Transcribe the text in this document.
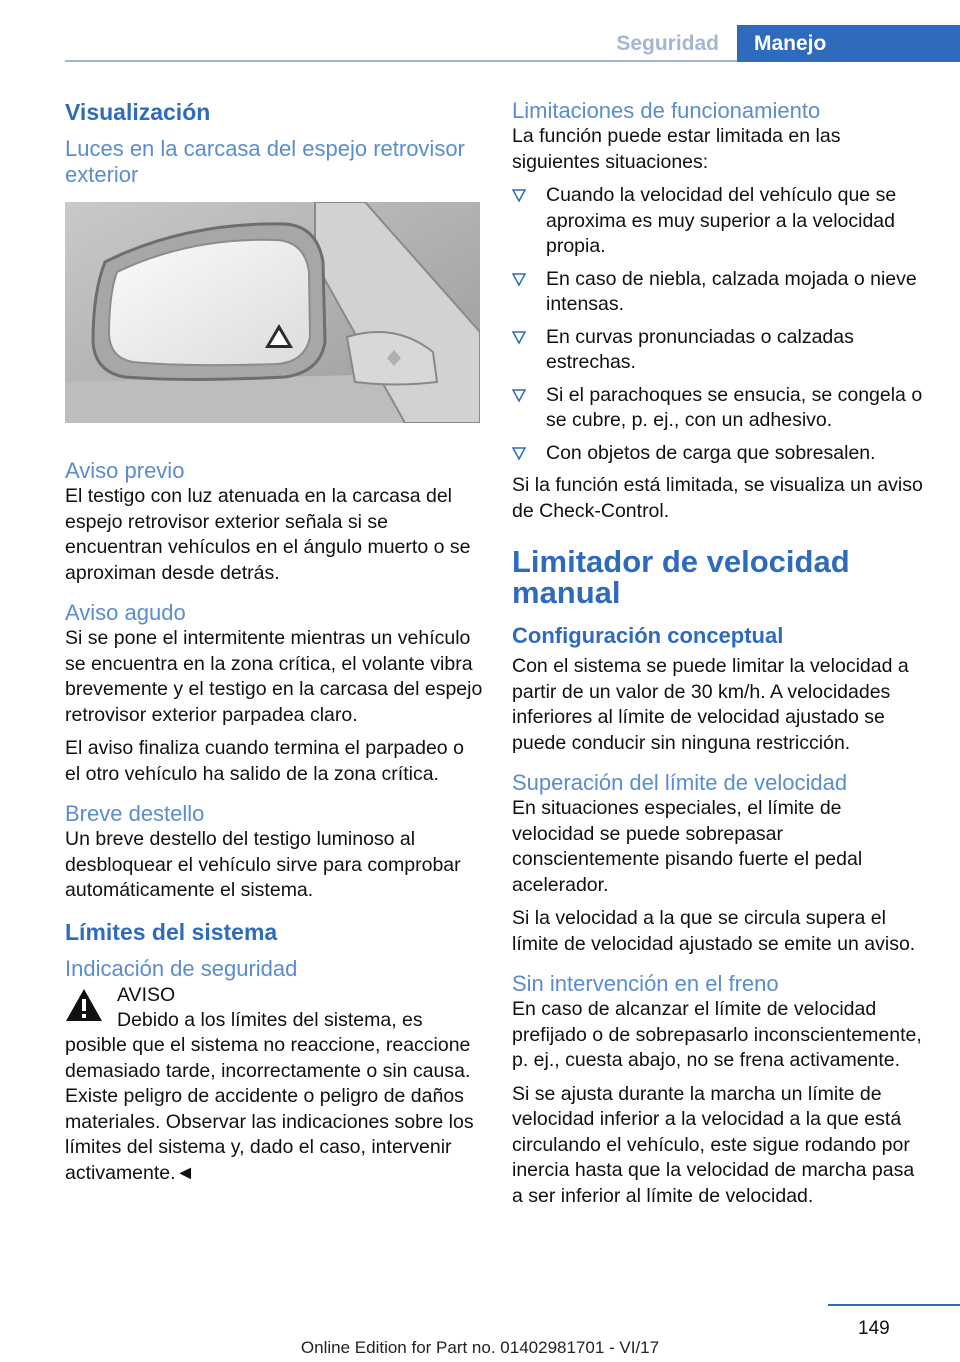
Seguridad	Manejo
Visualización
Luces en la carcasa del espejo retrovisor exterior
Aviso previo
El testigo con luz atenuada en la carcasa del espejo retrovisor exterior señala si se encuentran vehículos en el ángulo muerto o se aproximan desde detrás.
Aviso agudo
Si se pone el intermitente mientras un vehículo se encuentra en la zona crítica, el volante vibra brevemente y el testigo en la carcasa del espejo retrovisor exterior parpadea claro.
El aviso finaliza cuando termina el parpadeo o el otro vehículo ha salido de la zona crítica.
Breve destello
Un breve destello del testigo luminoso al desbloquear el vehículo sirve para comprobar automáticamente el sistema.
Límites del sistema
Indicación de seguridad
AVISO
Debido a los límites del sistema, es posible que el sistema no reaccione, reaccione demasiado tarde, incorrectamente o sin causa. Existe peligro de accidente o peligro de daños materiales. Observar las indicaciones sobre los límites del sistema y, dado el caso, intervenir activamente.◄
Limitaciones de funcionamiento
La función puede estar limitada en las siguientes situaciones:
Cuando la velocidad del vehículo que se aproxima es muy superior a la velocidad propia.
En caso de niebla, calzada mojada o nieve intensas.
En curvas pronunciadas o calzadas estrechas.
Si el parachoques se ensucia, se congela o se cubre, p. ej., con un adhesivo.
Con objetos de carga que sobresalen.
Si la función está limitada, se visualiza un aviso de Check-Control.
Limitador de velocidad manual
Configuración conceptual
Con el sistema se puede limitar la velocidad a partir de un valor de 30 km/h. A velocidades inferiores al límite de velocidad ajustado se puede conducir sin ninguna restricción.
Superación del límite de velocidad
En situaciones especiales, el límite de velocidad se puede sobrepasar conscientemente pisando fuerte el pedal acelerador.
Si la velocidad a la que se circula supera el límite de velocidad ajustado se emite un aviso.
Sin intervención en el freno
En caso de alcanzar el límite de velocidad prefijado o de sobrepasarlo inconscientemente, p. ej., cuesta abajo, no se frena activamente.
Si se ajusta durante la marcha un límite de velocidad inferior a la velocidad a la que está circulando el vehículo, este sigue rodando por inercia hasta que la velocidad de marcha pasa a ser inferior al límite de velocidad.
149
Online Edition for Part no. 01402981701 - VI/17
